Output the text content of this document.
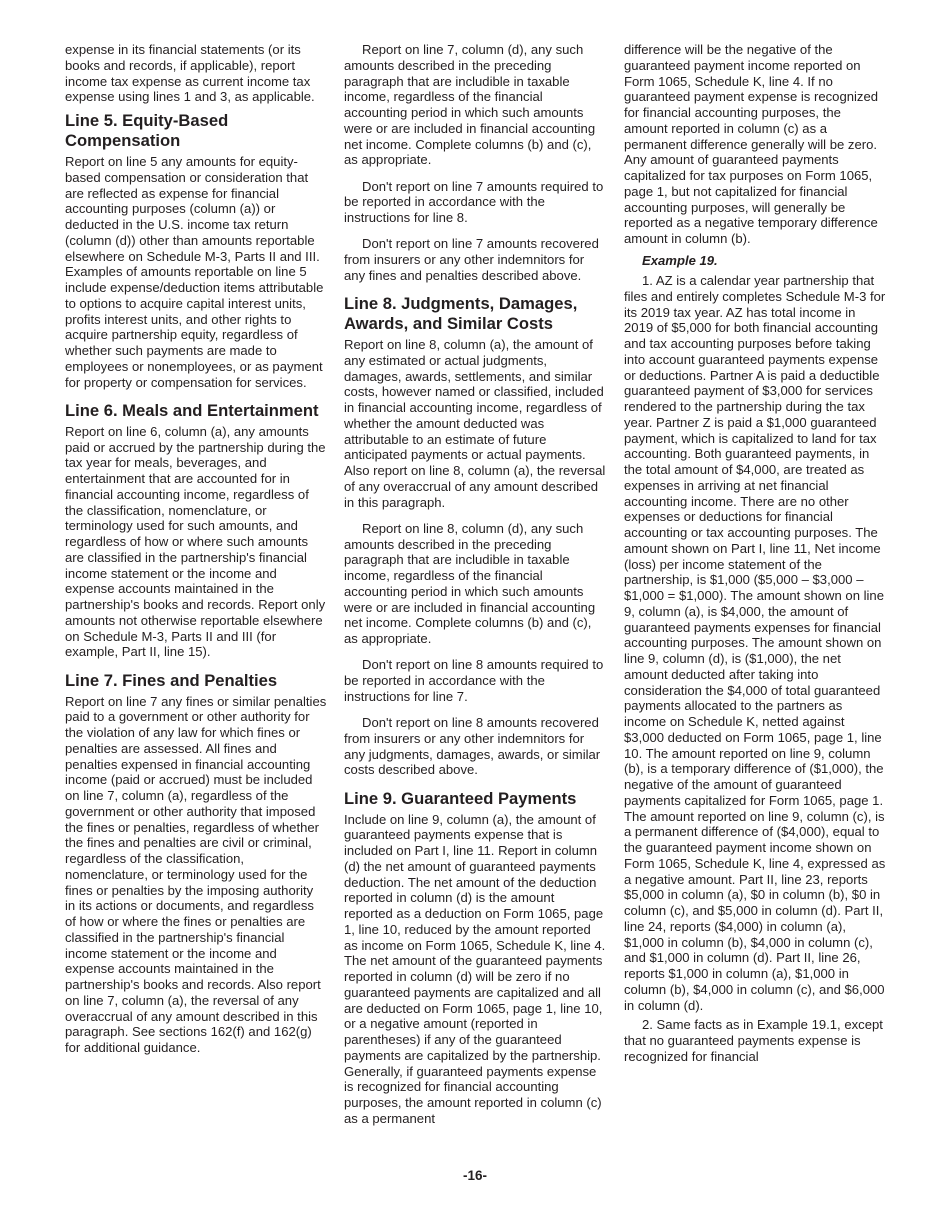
expense in its financial statements (or its books and records, if applicable), report income tax expense as current income tax expense using lines 1 and 3, as applicable.

Line 5. Equity-Based Compensation

Report on line 5 any amounts for equity-based compensation or consideration that are reflected as expense for financial accounting purposes (column (a)) or deducted in the U.S. income tax return (column (d)) other than amounts reportable elsewhere on Schedule M-3, Parts II and III. Examples of amounts reportable on line 5 include expense/deduction items attributable to options to acquire capital interest units, profits interest units, and other rights to acquire partnership equity, regardless of whether such payments are made to employees or nonemployees, or as payment for property or compensation for services.

Line 6. Meals and Entertainment

Report on line 6, column (a), any amounts paid or accrued by the partnership during the tax year for meals, beverages, and entertainment that are accounted for in financial accounting income, regardless of the classification, nomenclature, or terminology used for such amounts, and regardless of how or where such amounts are classified in the partnership's financial income statement or the income and expense accounts maintained in the partnership's books and records. Report only amounts not otherwise reportable elsewhere on Schedule M-3, Parts II and III (for example, Part II, line 15).

Line 7. Fines and Penalties

Report on line 7 any fines or similar penalties paid to a government or other authority for the violation of any law for which fines or penalties are assessed. All fines and penalties expensed in financial accounting income (paid or accrued) must be included on line 7, column (a), regardless of the government or other authority that imposed the fines or penalties, regardless of whether the fines and penalties are civil or criminal, regardless of the classification, nomenclature, or terminology used for the fines or penalties by the imposing authority in its actions or documents, and regardless of how or where the fines or penalties are classified in the partnership's financial income statement or the income and expense accounts maintained in the partnership's books and records. Also report on line 7, column (a), the reversal of any overaccrual of any amount described in this paragraph. See sections 162(f) and 162(g) for additional guidance.

Report on line 7, column (d), any such amounts described in the preceding paragraph that are includible in taxable income, regardless of the financial accounting period in which such amounts were or are included in financial accounting net income. Complete columns (b) and (c), as appropriate.

Don't report on line 7 amounts required to be reported in accordance with the instructions for line 8.

Don't report on line 7 amounts recovered from insurers or any other indemnitors for any fines and penalties described above.

Line 8. Judgments, Damages, Awards, and Similar Costs

Report on line 8, column (a), the amount of any estimated or actual judgments, damages, awards, settlements, and similar costs, however named or classified, included in financial accounting income, regardless of whether the amount deducted was attributable to an estimate of future anticipated payments or actual payments. Also report on line 8, column (a), the reversal of any overaccrual of any amount described in this paragraph.

Report on line 8, column (d), any such amounts described in the preceding paragraph that are includible in taxable income, regardless of the financial accounting period in which such amounts were or are included in financial accounting net income. Complete columns (b) and (c), as appropriate.

Don't report on line 8 amounts required to be reported in accordance with the instructions for line 7.

Don't report on line 8 amounts recovered from insurers or any other indemnitors for any judgments, damages, awards, or similar costs described above.

Line 9. Guaranteed Payments

Include on line 9, column (a), the amount of guaranteed payments expense that is included on Part I, line 11. Report in column (d) the net amount of guaranteed payments deduction. The net amount of the deduction reported in column (d) is the amount reported as a deduction on Form 1065, page 1, line 10, reduced by the amount reported as income on Form 1065, Schedule K, line 4. The net amount of the guaranteed payments reported in column (d) will be zero if no guaranteed payments are capitalized and all are deducted on Form 1065, page 1, line 10, or a negative amount (reported in parentheses) if any of the guaranteed payments are capitalized by the partnership. Generally, if guaranteed payments expense is recognized for financial accounting purposes, the amount reported in column (c) as a permanent

difference will be the negative of the guaranteed payment income reported on Form 1065, Schedule K, line 4. If no guaranteed payment expense is recognized for financial accounting purposes, the amount reported in column (c) as a permanent difference generally will be zero. Any amount of guaranteed payments capitalized for tax purposes on Form 1065, page 1, but not capitalized for financial accounting purposes, will generally be reported as a negative temporary difference amount in column (b).

Example 19.

1. AZ is a calendar year partnership that files and entirely completes Schedule M-3 for its 2019 tax year. AZ has total income in 2019 of $5,000 for both financial accounting and tax accounting purposes before taking into account guaranteed payments expense or deductions. Partner A is paid a deductible guaranteed payment of $3,000 for services rendered to the partnership during the tax year. Partner Z is paid a $1,000 guaranteed payment, which is capitalized to land for tax accounting. Both guaranteed payments, in the total amount of $4,000, are treated as expenses in arriving at net financial accounting income. There are no other expenses or deductions for financial accounting or tax accounting purposes. The amount shown on Part I, line 11, Net income (loss) per income statement of the partnership, is $1,000 ($5,000 – $3,000 – $1,000 = $1,000). The amount shown on line 9, column (a), is $4,000, the amount of guaranteed payments expenses for financial accounting purposes. The amount shown on line 9, column (d), is ($1,000), the net amount deducted after taking into consideration the $4,000 of total guaranteed payments allocated to the partners as income on Schedule K, netted against $3,000 deducted on Form 1065, page 1, line 10. The amount reported on line 9, column (b), is a temporary difference of ($1,000), the negative of the amount of guaranteed payments capitalized for Form 1065, page 1. The amount reported on line 9, column (c), is a permanent difference of ($4,000), equal to the guaranteed payment income shown on Form 1065, Schedule K, line 4, expressed as a negative amount. Part II, line 23, reports $5,000 in column (a), $0 in column (b), $0 in column (c), and $5,000 in column (d). Part II, line 24, reports ($4,000) in column (a), $1,000 in column (b), $4,000 in column (c), and $1,000 in column (d). Part II, line 26, reports $1,000 in column (a), $1,000 in column (b), $4,000 in column (c), and $6,000 in column (d).

2. Same facts as in Example 19.1, except that no guaranteed payments expense is recognized for financial

-16-
